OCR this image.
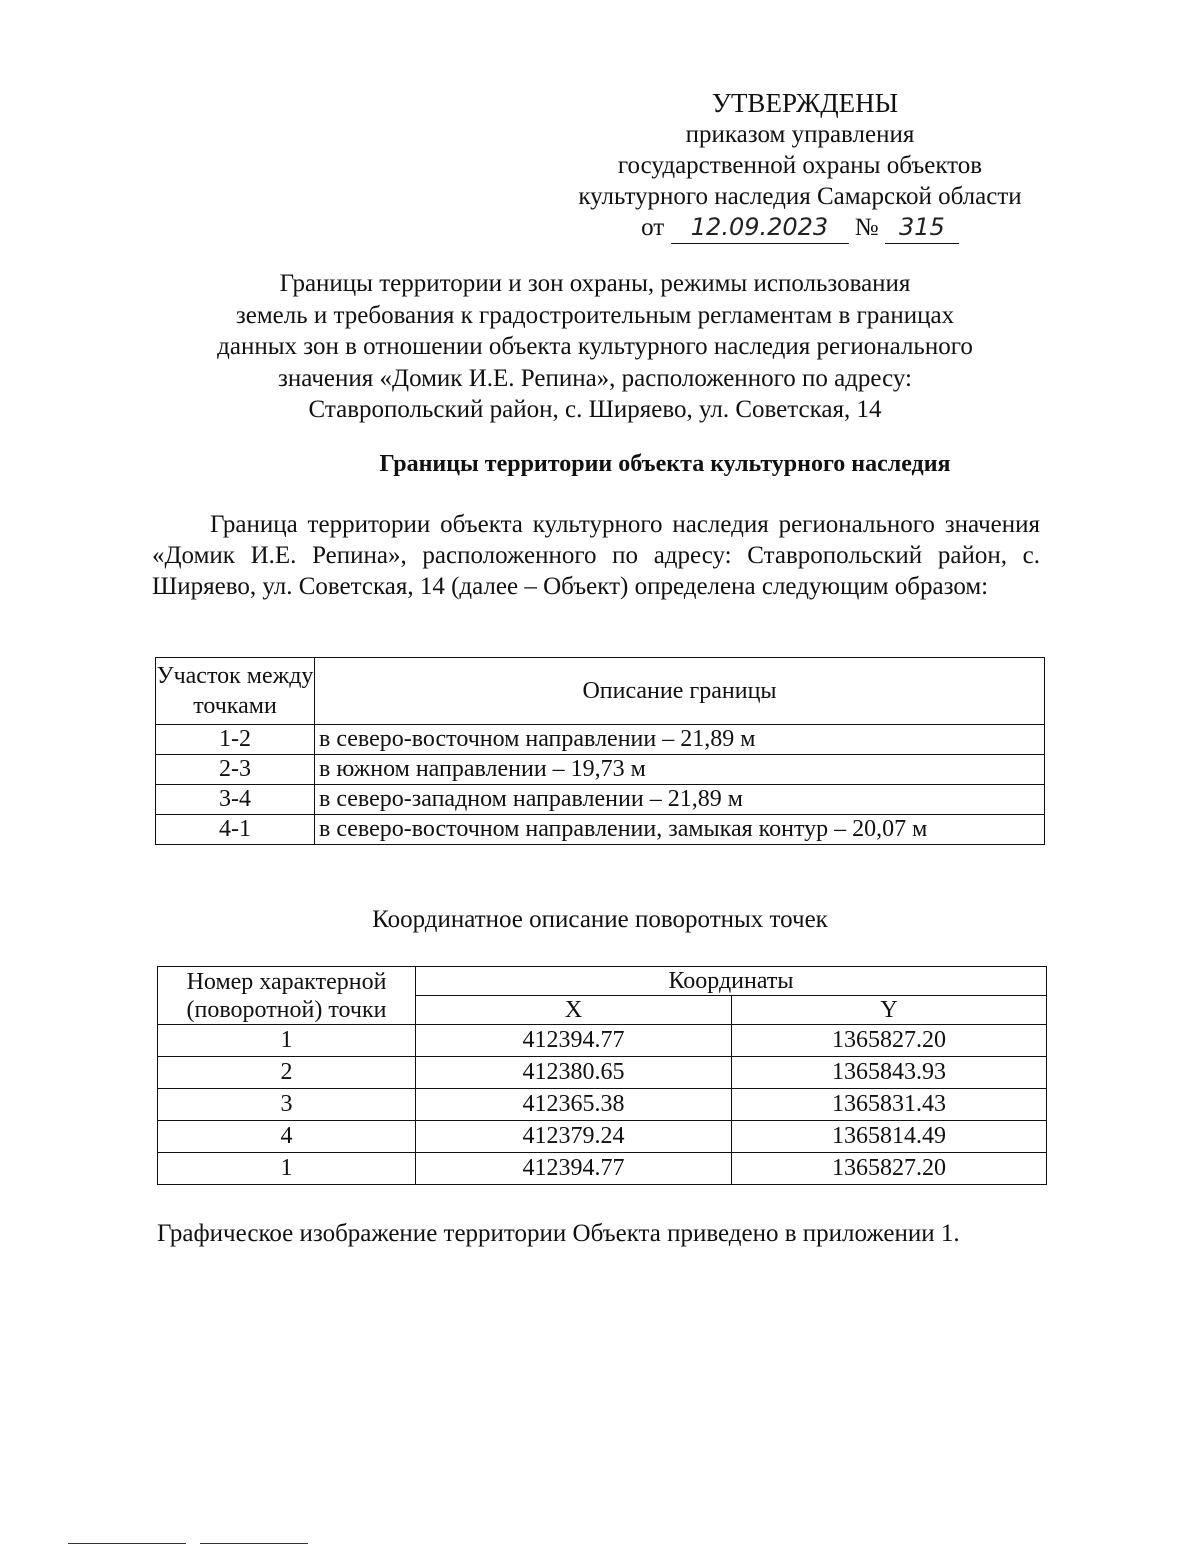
УТВЕРЖДЕНЫ
приказом управления
государственной охраны объектов
культурного наследия Самарской области
от 12.09.2023 № 315
Границы территории и зон охраны, режимы использования
земель и требования к градостроительным регламентам в границах
данных зон в отношении объекта культурного наследия регионального
значения «Домик И.Е. Репина», расположенного по адресу:
Ставропольский район, с. Ширяево, ул. Советская, 14
Границы территории объекта культурного наследия
Граница территории объекта культурного наследия регионального значения «Домик И.Е. Репина», расположенного по адресу: Ставропольский район, с. Ширяево, ул. Советская, 14 (далее – Объект) определена следующим образом:
Участок между точками	Описание границы
1-2	в северо-восточном направлении – 21,89 м
2-3	в южном направлении – 19,73 м
3-4	в северо-западном направлении – 21,89 м
4-1	в северо-восточном направлении, замыкая контур – 20,07 м
Координатное описание поворотных точек
Номер характерной (поворотной) точки	Координаты	
	X	Y
1	412394.77	1365827.20
2	412380.65	1365843.93
3	412365.38	1365831.43
4	412379.24	1365814.49
1	412394.77	1365827.20
Графическое изображение территории Объекта приведено в приложении 1.
